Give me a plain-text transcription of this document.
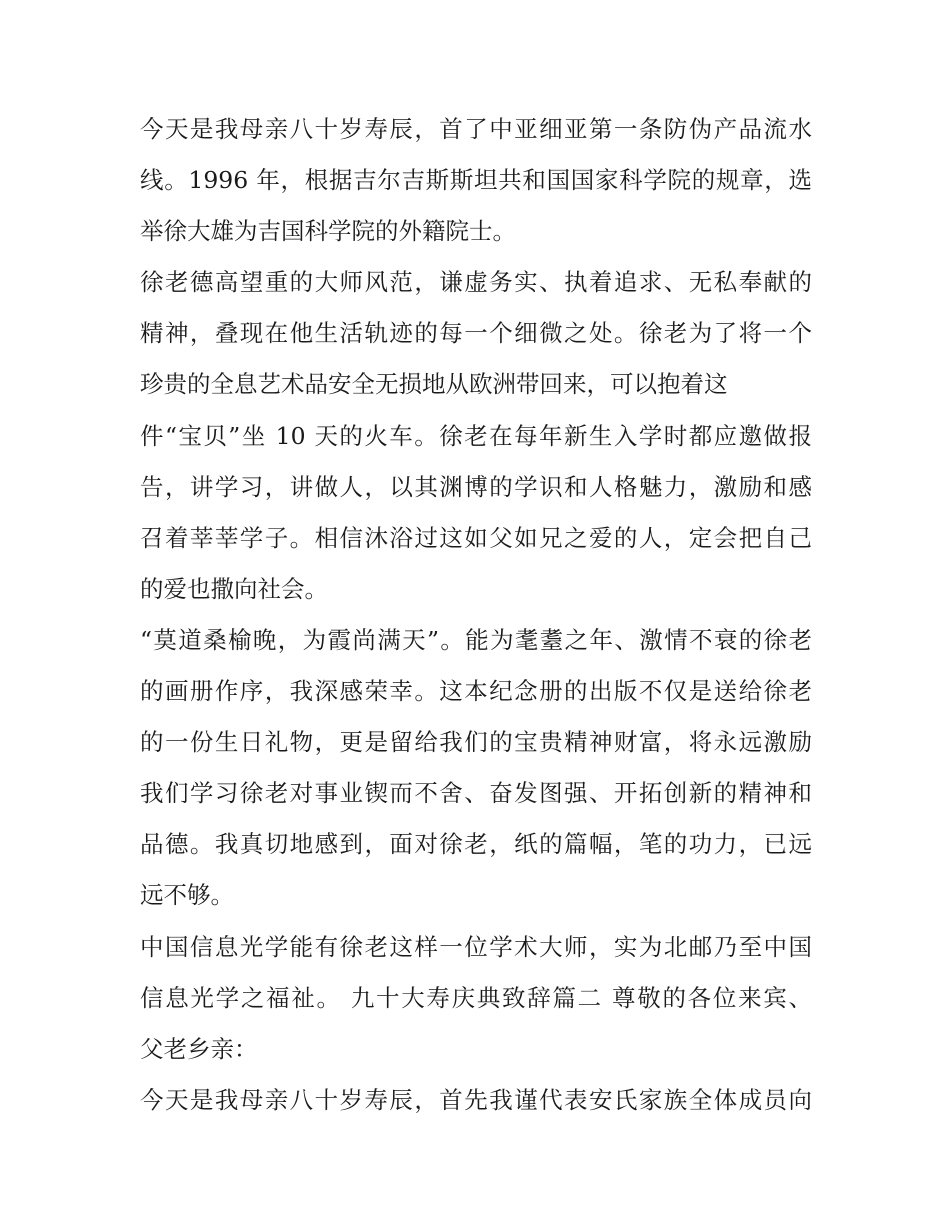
今天是我母亲八十岁寿辰，首了中亚细亚第一条防伪产品流水
线。1996 年，根据吉尔吉斯斯坦共和国国家科学院的规章，选
举徐大雄为吉国科学院的外籍院士。
徐老德高望重的大师风范，谦虚务实、执着追求、无私奉献的
精神，叠现在他生活轨迹的每一个细微之处。徐老为了将一个
珍贵的全息艺术品安全无损地从欧洲带回来，可以抱着这
件“宝贝”坐 10 天的火车。徐老在每年新生入学时都应邀做报
告，讲学习，讲做人，以其渊博的学识和人格魅力，激励和感
召着莘莘学子。相信沐浴过这如父如兄之爱的人，定会把自己
的爱也撒向社会。
“莫道桑榆晚，为霞尚满天”。能为耄耋之年、激情不衰的徐老
的画册作序，我深感荣幸。这本纪念册的出版不仅是送给徐老
的一份生日礼物，更是留给我们的宝贵精神财富，将永远激励
我们学习徐老对事业锲而不舍、奋发图强、开拓创新的精神和
品德。我真切地感到，面对徐老，纸的篇幅，笔的功力，已远
远不够。
中国信息光学能有徐老这样一位学术大师，实为北邮乃至中国
信息光学之福祉。 九十大寿庆典致辞篇二 尊敬的各位来宾、
父老乡亲：
今天是我母亲八十岁寿辰，首先我谨代表安氏家族全体成员向
